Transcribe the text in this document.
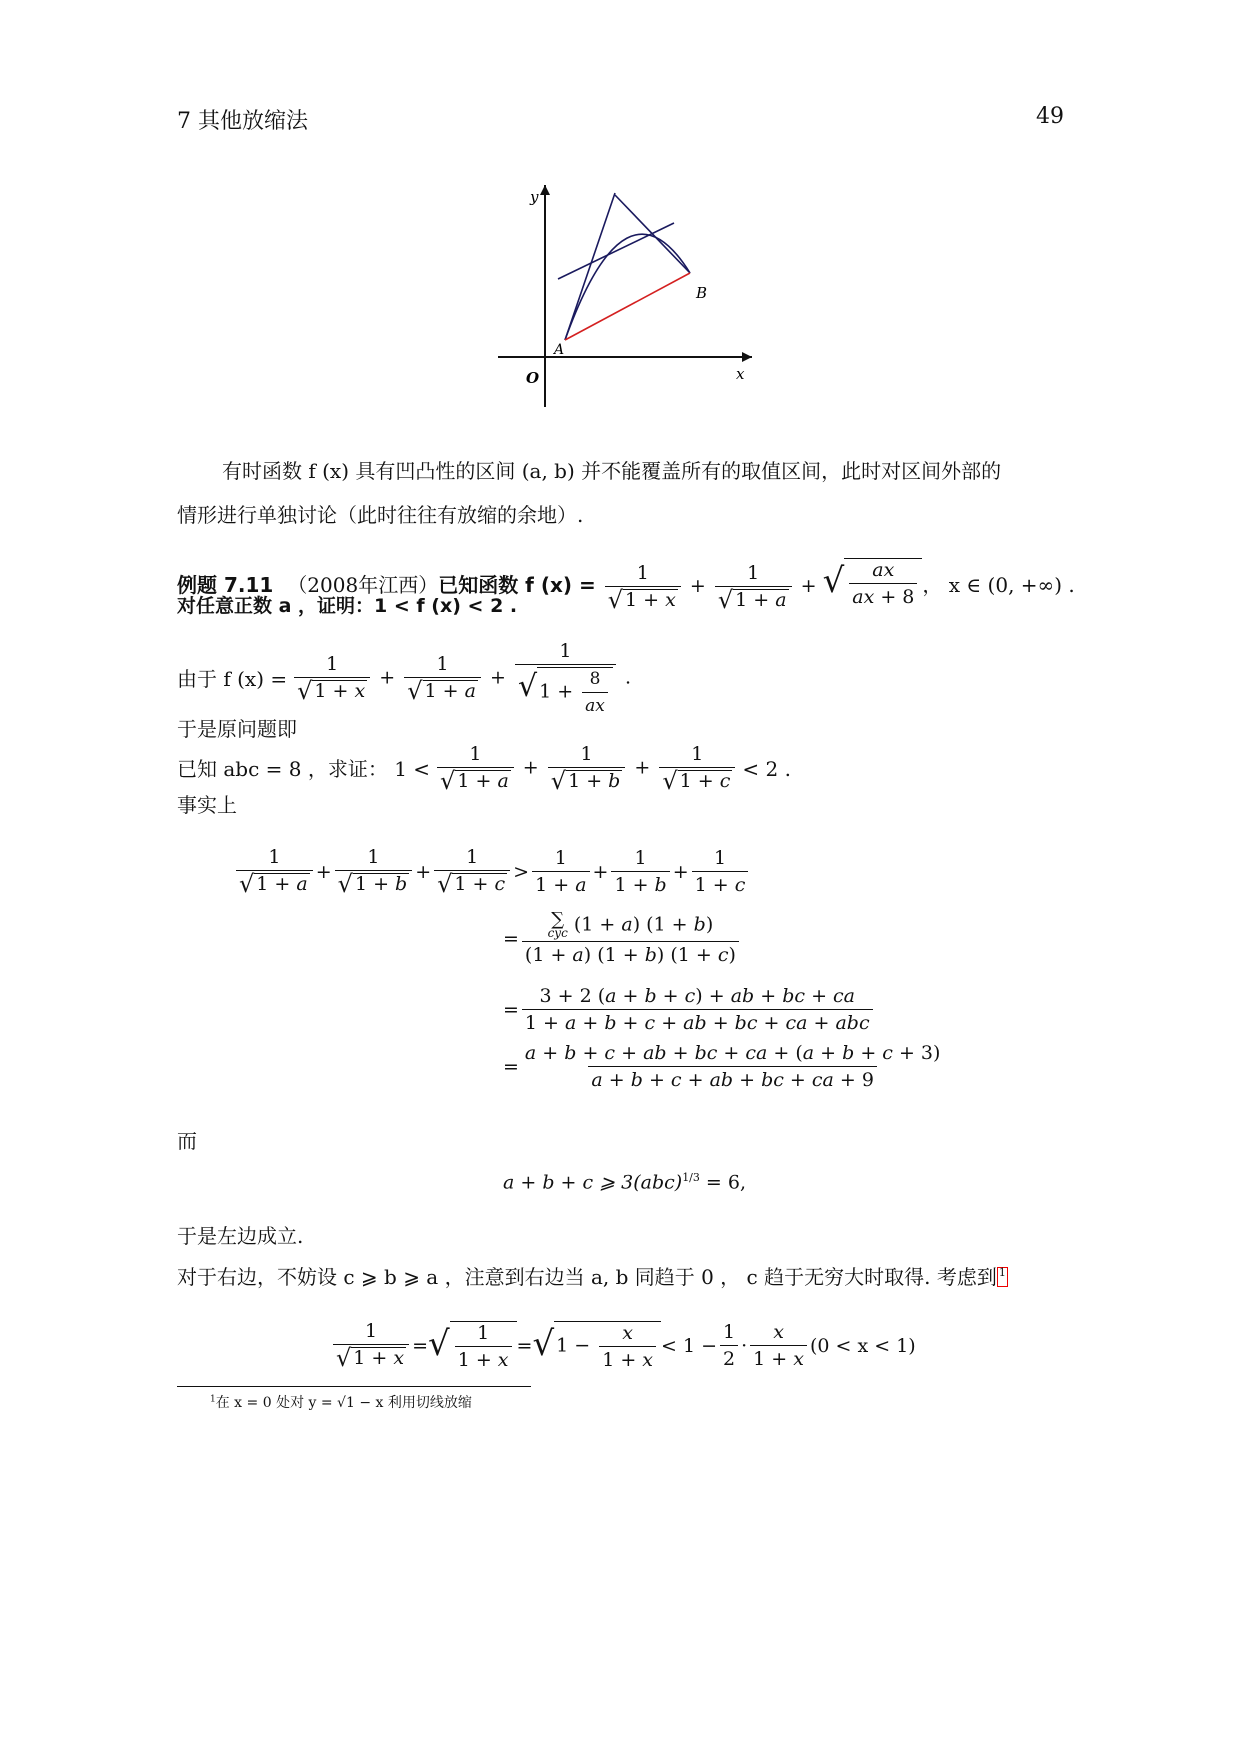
7 其他放缩法	49
y
x
O
A
B
有时函数 f (x) 具有凹凸性的区间 (a, b) 并不能覆盖所有的取值区间，此时对区间外部的
情形进行单独讨论（此时往往有放缩的余地）.
例题 7.11 （2008年江西） 已知函数 f $(x) = \frac{1}{√ 1 + x} + \frac{1}{√ 1 + a}$ + √ $\frac{ax}{ax + 8}$ ， x ∈ (0, +∞) .
对任意正数 a ，证明：1 < f (x) < 2 .
由于 f $(x) = \frac{1}{√ 1 + x} + \frac{1}{√ 1 + a} + \frac{1}{√ 1 + \frac{8}{ax}}$ .
于是原问题即
已知 abc = 8 ，求证： $1 < \frac{1}{√ 1 + a} + \frac{1}{√ 1 + b} + \frac{1}{√ 1 + c} < 2$ .
事实上
$\frac{1}{√ 1 + a} + \frac{1}{√ 1 + b} + \frac{1}{√ 1 + c} > \frac{1}{1 + a} + \frac{1}{1 + b} + \frac{1}{1 + c}$
= ∑
cyc (1 + a) (1 + b)
(1 + a) (1 + b) (1 + c)
= $\frac{3 + 2 (a + b + c) + ab + bc + ca}{\text{1 + a + b + c + ab + bc + ca + abc}}$
= $\frac{a + b + c + ab + bc + ca + (a + b + c + 3)}{a + b + c + ab + bc + ca + 9}$
而
a + b + c ⩾ 3(abc)$^{1/3}$ = 6,
于是左边成立.
对于右边，不妨设 c ⩾ b ⩾ a ，注意到右边当 a, b 同趋于 0 ， c 趋于无穷大时取得. 考虑到 1
$\frac{1}{√ 1 + x}$ = √ $\frac{1}{1 + x}$ = √ $1 - \frac{x}{1 + x} < 1 - \frac{1}{2} \cdot \frac{x}{1 + x} (0 < x < 1)$
$^1$在 x = 0 处对 y = √1 − x 利用切线放缩
